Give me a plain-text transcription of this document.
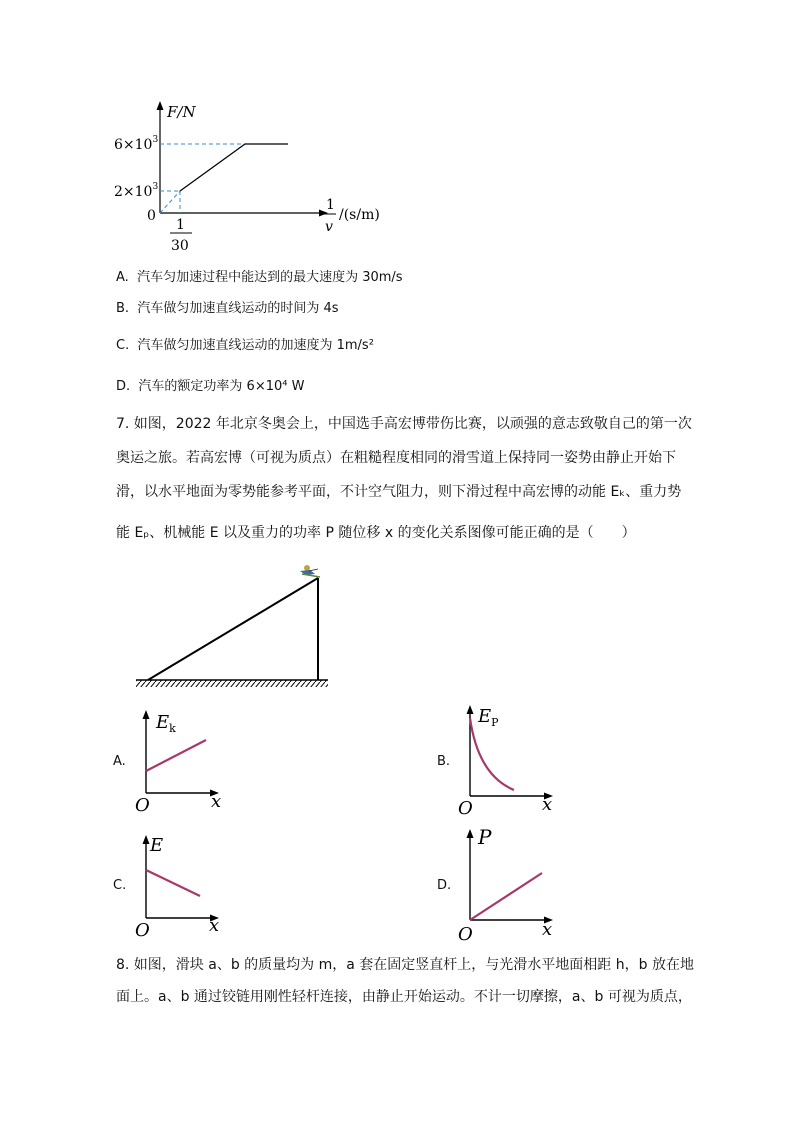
F/N
$6\times 10^3$
$2\times 10^3$
0
1
30
1
v
/(s/m)
A. 汽车匀加速过程中能达到的最大速度为 30m/s
B. 汽车做匀加速直线运动的时间为 4s
C. 汽车做匀加速直线运动的加速度为 1m/s²
D. 汽车的额定功率为 6×10⁴ W
7. 如图，2022 年北京冬奥会上，中国选手高宏博带伤比赛，以顽强的意志致敬自己的第一次
奥运之旅。若高宏博（可视为质点）在粗糙程度相同的滑雪道上保持同一姿势由静止开始下
滑，以水平地面为零势能参考平面，不计空气阻力，则下滑过程中高宏博的动能 Eₖ、重力势
能 Eₚ、机械能 E 以及重力的功率 P 随位移 x 的变化关系图像可能正确的是（　　）
A.
$E_k$
O	x
B.
$E_P$
O	x
C.
E
O	x
D.
P
O	x
8. 如图，滑块 a、b 的质量均为 m，a 套在固定竖直杆上，与光滑水平地面相距 h，b 放在地
面上。a、b 通过铰链用刚性轻杆连接，由静止开始运动。不计一切摩擦，a、b 可视为质点，
